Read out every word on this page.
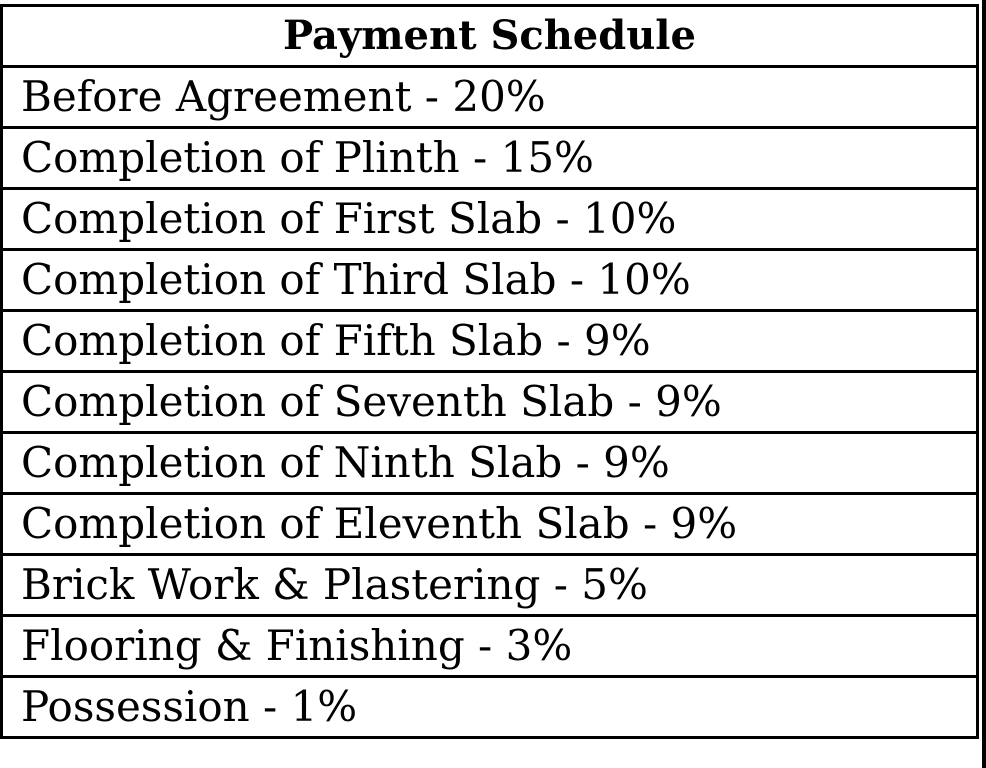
Payment Schedule
Before Agreement - 20%
Completion of Plinth - 15%
Completion of First Slab - 10%
Completion of Third Slab - 10%
Completion of Fifth Slab - 9%
Completion of Seventh Slab - 9%
Completion of Ninth Slab - 9%
Completion of Eleventh Slab - 9%
Brick Work & Plastering - 5%
Flooring & Finishing - 3%
Possession - 1%
